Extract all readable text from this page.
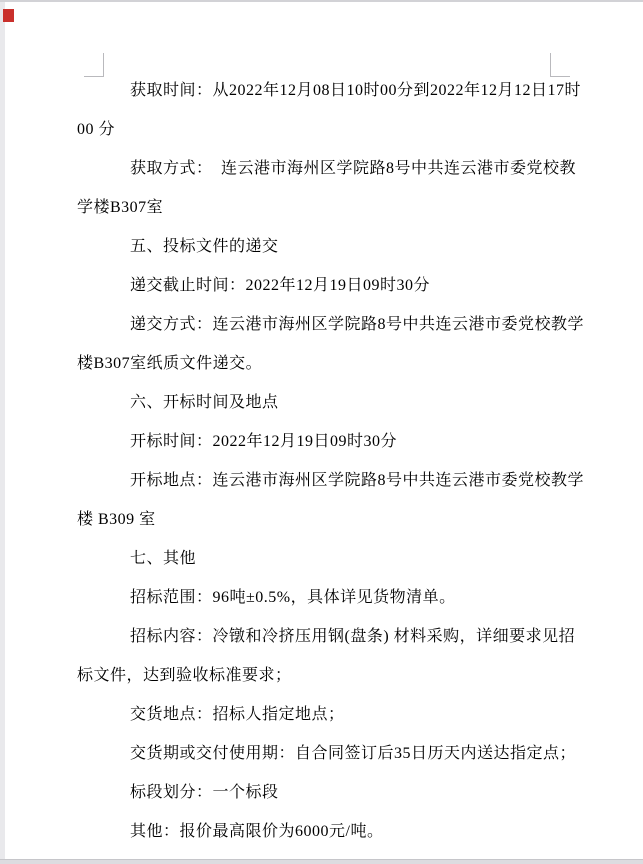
获取时间：从2022年12月08日10时00分到2022年12月12日17时
00 分
获取方式：　连云港市海州区学院路8号中共连云港市委党校教
学楼B307室
五、投标文件的递交
递交截止时间：2022年12月19日09时30分
递交方式：连云港市海州区学院路8号中共连云港市委党校教学
楼B307室纸质文件递交。
六、开标时间及地点
开标时间：2022年12月19日09时30分
开标地点：连云港市海州区学院路8号中共连云港市委党校教学
楼 B309 室
七、其他
招标范围：96吨±0.5%，具体详见货物清单。
招标内容：冷镦和冷挤压用钢(盘条) 材料采购，详细要求见招
标文件，达到验收标准要求；
交货地点：招标人指定地点；
交货期或交付使用期：自合同签订后35日历天内送达指定点；
标段划分：一个标段
其他：报价最高限价为6000元/吨。
